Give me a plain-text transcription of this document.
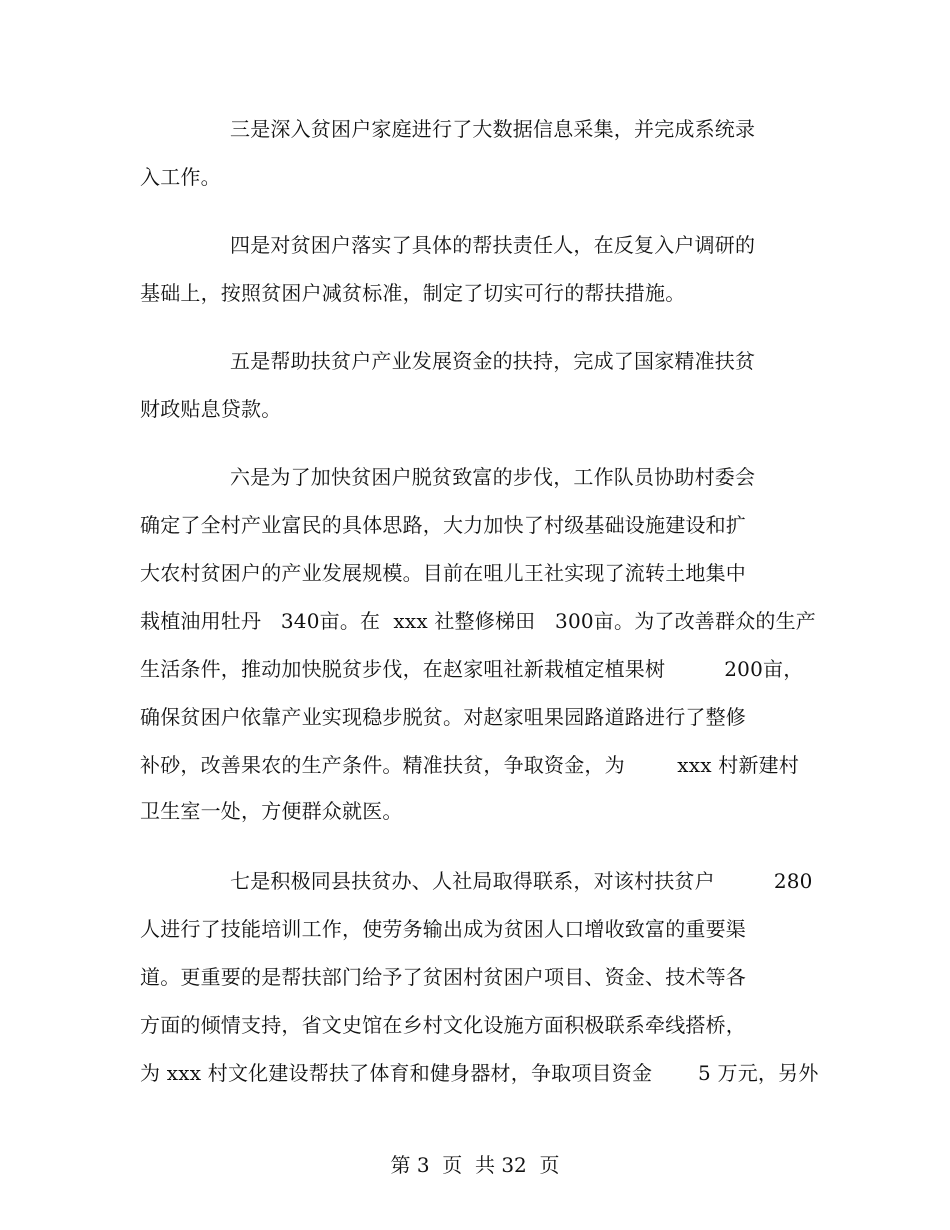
三是深入贫困户家庭进行了大数据信息采集，并完成系统录
入工作。
四是对贫困户落实了具体的帮扶责任人，在反复入户调研的
基础上，按照贫困户减贫标准，制定了切实可行的帮扶措施。
五是帮助扶贫户产业发展资金的扶持，完成了国家精准扶贫
财政贴息贷款。
六是为了加快贫困户脱贫致富的步伐，工作队员协助村委会
确定了全村产业富民的具体思路，大力加快了村级基础设施建设和扩
大农村贫困户的产业发展规模。目前在咀儿王社实现了流转土地集中
栽植油用牡丹   340亩。在  xxx 社整修梯田   300亩。为了改善群众的生产
生活条件，推动加快脱贫步伐，在赵家咀社新栽植定植果树         200亩，
确保贫困户依靠产业实现稳步脱贫。对赵家咀果园路道路进行了整修
补砂，改善果农的生产条件。精准扶贫，争取资金，为        xxx 村新建村
卫生室一处，方便群众就医。
七是积极同县扶贫办、人社局取得联系，对该村扶贫户         280
人进行了技能培训工作，使劳务输出成为贫困人口增收致富的重要渠
道。更重要的是帮扶部门给予了贫困村贫困户项目、资金、技术等各
方面的倾情支持，省文史馆在乡村文化设施方面积极联系牵线搭桥，
为 xxx 村文化建设帮扶了体育和健身器材，争取项目资金       5 万元，另外
第 3  页  共 32  页
